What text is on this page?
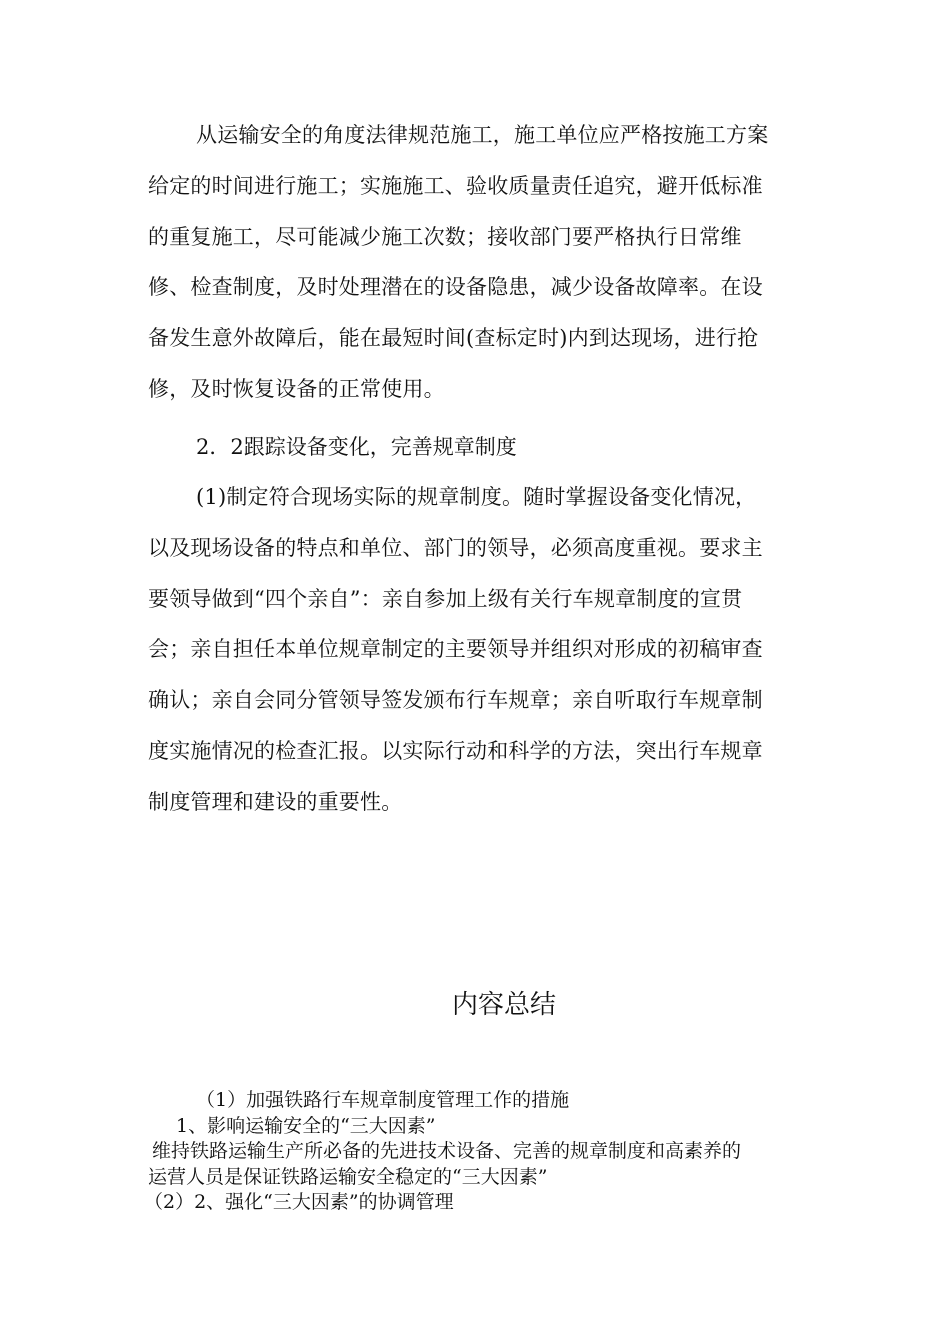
从运输安全的角度法律规范施工，施工单位应严格按施工方案
给定的时间进行施工；实施施工、验收质量责任追究，避开低标准
的重复施工，尽可能减少施工次数；接收部门要严格执行日常维
修、检查制度，及时处理潜在的设备隐患，减少设备故障率。在设
备发生意外故障后，能在最短时间(查标定时)内到达现场，进行抢
修，及时恢复设备的正常使用。
2．2跟踪设备变化，完善规章制度
(1)制定符合现场实际的规章制度。随时掌握设备变化情况，
以及现场设备的特点和单位、部门的领导，必须高度重视。要求主
要领导做到“四个亲自”：亲自参加上级有关行车规章制度的宣贯
会；亲自担任本单位规章制定的主要领导并组织对形成的初稿审查
确认；亲自会同分管领导签发颁布行车规章；亲自听取行车规章制
度实施情况的检查汇报。以实际行动和科学的方法，突出行车规章
制度管理和建设的重要性。
内容总结
（1）加强铁路行车规章制度管理工作的措施
1、影响运输安全的“三大因素”
维持铁路运输生产所必备的先进技术设备、完善的规章制度和高素养的
运营人员是保证铁路运输安全稳定的“三大因素”
（2）2、强化“三大因素”的协调管理
